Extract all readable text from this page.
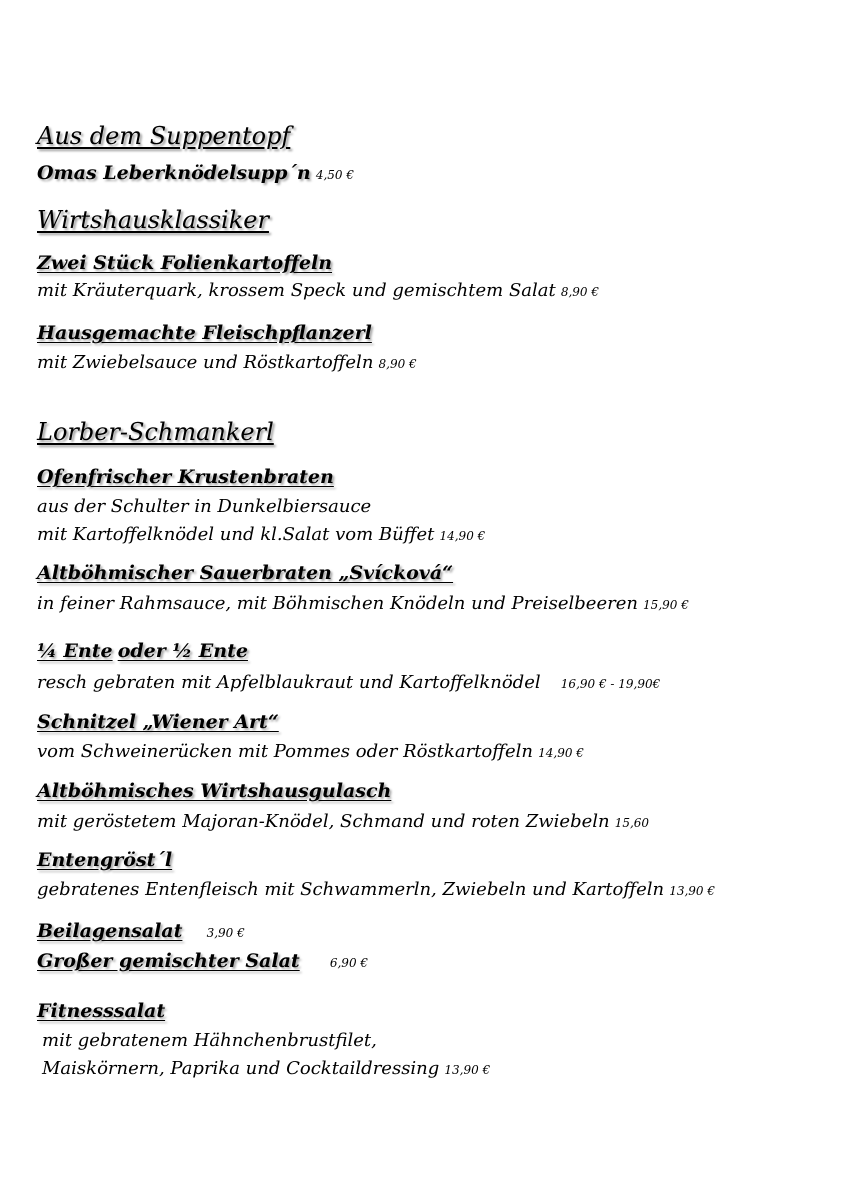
Aus dem Suppentopf
Omas Leberknödelsupp´n 4,50 €
Wirtshausklassiker
Zwei Stück Folienkartoffeln
mit Kräuterquark, krossem Speck und gemischtem Salat 8,90 €
Hausgemachte Fleischpflanzerl
mit Zwiebelsauce und Röstkartoffeln 8,90 €
Lorber-Schmankerl
Ofenfrischer Krustenbraten
aus der Schulter in Dunkelbiersauce
mit Kartoffelknödel und kl.Salat vom Büffet 14,90 €
Altböhmischer Sauerbraten „Svícková“
in feiner Rahmsauce, mit Böhmischen Knödeln und Preiselbeeren 15,90 €
¼ Ente oder ½ Ente
resch gebraten mit Apfelblaukraut und Kartoffelknödel 16,90 € - 19,90€
Schnitzel „Wiener Art“
vom Schweinerücken mit Pommes oder Röstkartoffeln 14,90 €
Altböhmisches Wirtshausgulasch
mit geröstetem Majoran-Knödel, Schmand und roten Zwiebeln 15,60
Entengröst´l
gebratenes Entenfleisch mit Schwammerln, Zwiebeln und Kartoffeln 13,90 €
Beilagensalat 3,90 €
Großer gemischter Salat	6,90 €
Fitnesssalat
mit gebratenem Hähnchenbrustfilet,
Maiskörnern, Paprika und Cocktaildressing 13,90 €
